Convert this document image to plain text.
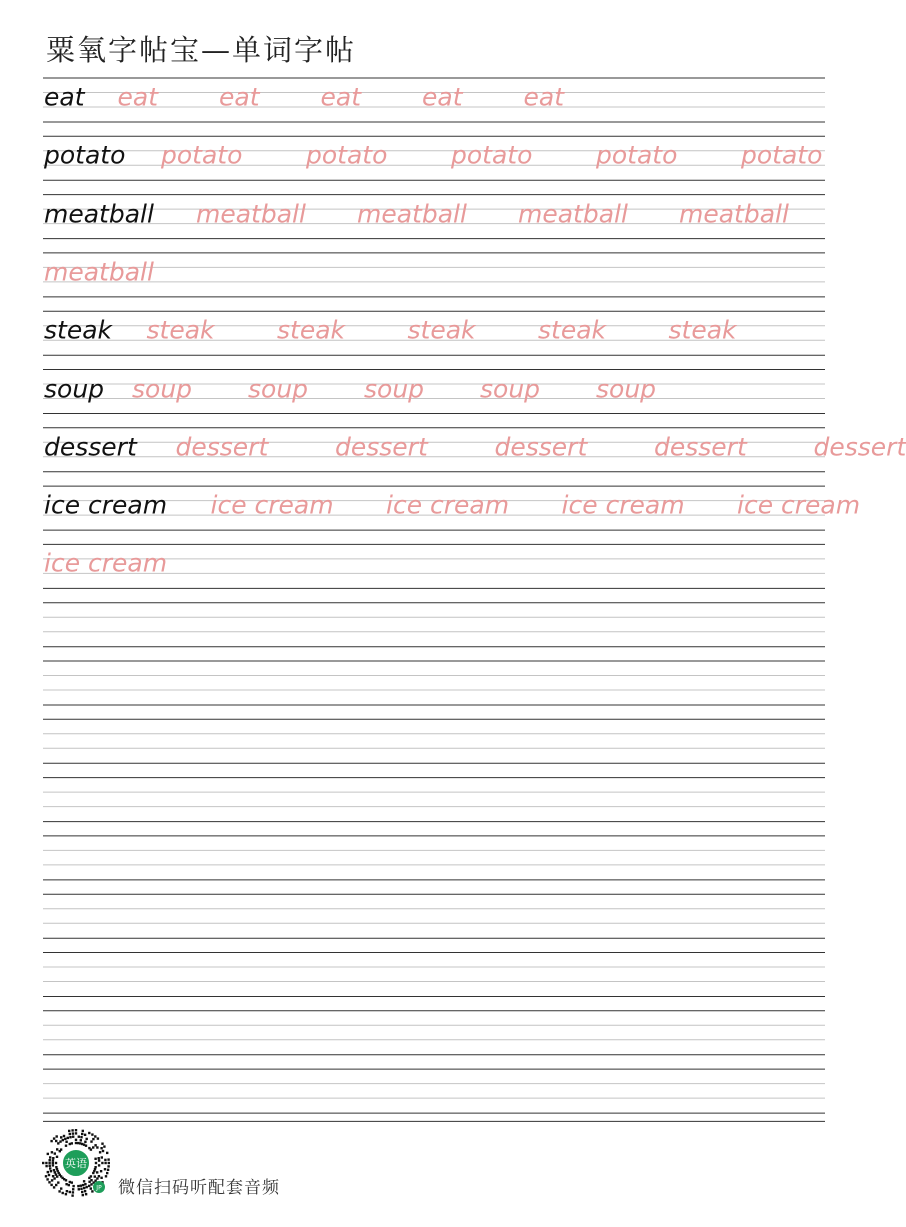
粟氧字帖宝—单词字帖
eat eat eat eat eat eat
potato potato	potato	potato	potato	potato
meatball meatball meatball meatball meatball
meatball
steak steak steak steak steak steak
soup soup soup soup soup soup
dessert dessert	dessert	dessert	dessert	dessert
ice cream ice cream ice cream ice cream ice cream
ice cream
英语
JP 微信扫码听配套音频
